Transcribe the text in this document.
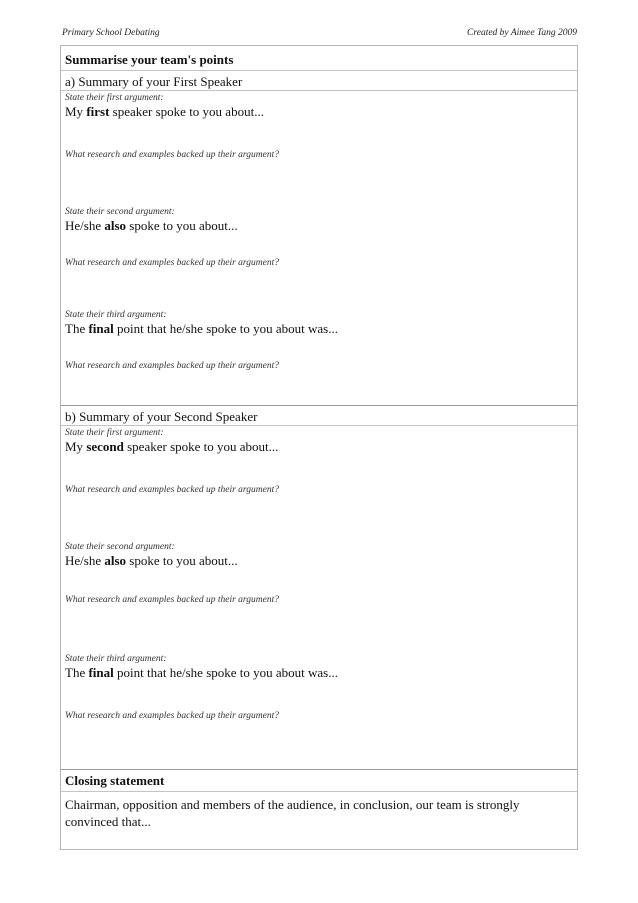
Primary School Debating	Created by Aimee Tang 2009
Summarise your team's points
a) Summary of your First Speaker
State their first argument:
My first speaker spoke to you about...
What research and examples backed up their argument?
State their second argument:
He/she also spoke to you about...
What research and examples backed up their argument?
State their third argument:
The final point that he/she spoke to you about was...
What research and examples backed up their argument?
b) Summary of your Second Speaker
State their first argument:
My second speaker spoke to you about...
What research and examples backed up their argument?
State their second argument:
He/she also spoke to you about...
What research and examples backed up their argument?
State their third argument:
The final point that he/she spoke to you about was...
What research and examples backed up their argument?
Closing statement
Chairman, opposition and members of the audience, in conclusion, our team is strongly convinced that...
